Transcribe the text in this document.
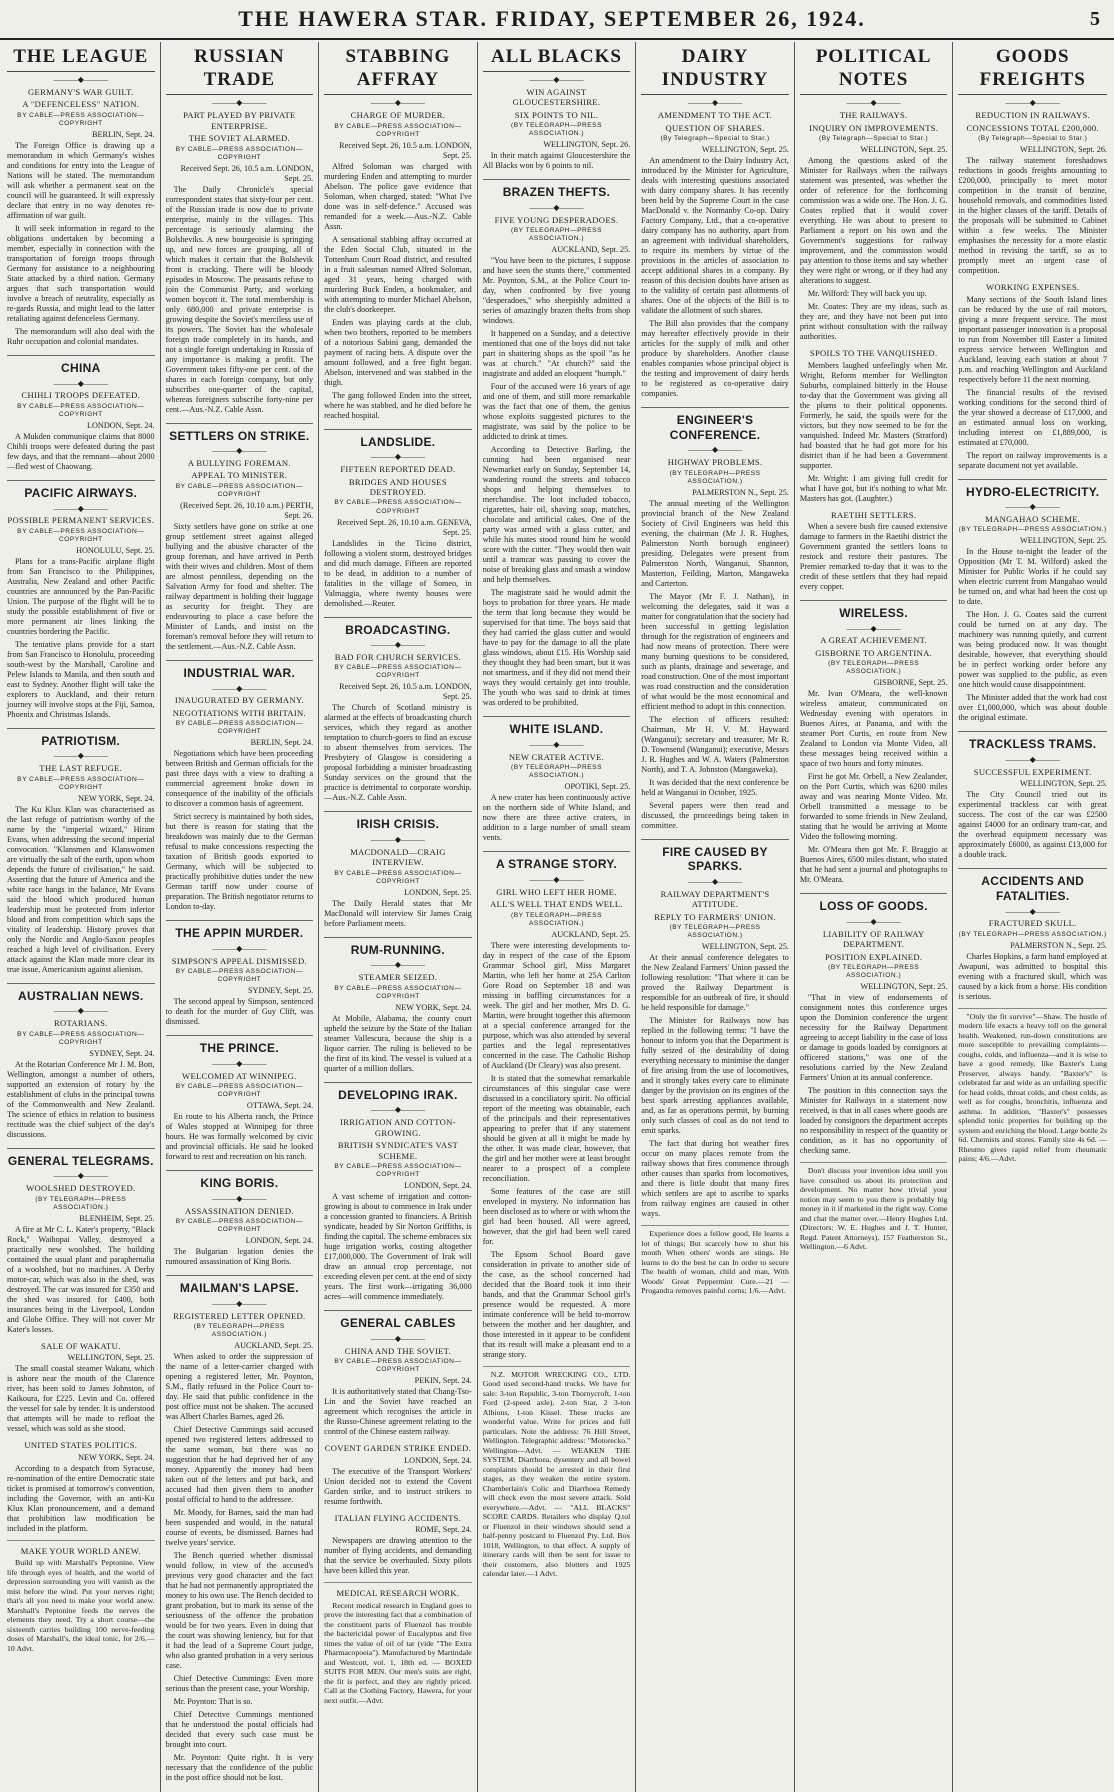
THE HAWERA STAR. FRIDAY, SEPTEMBER 26, 1924.	5
THE LEAGUE
———◆———
GERMANY'S WAR GUILT.
A "DEFENCELESS" NATION.
BY CABLE—PRESS ASSOCIATION—COPYRIGHT
BERLIN, Sept. 24.

The Foreign Office is drawing up a memorandum in which Germany's wishes and conditions for entry into the League of Nations will be stated. The memorandum will ask whether a permanent seat on the council will be guaranteed. It will expressly declare that entry in no way denotes re-affirmation of war guilt.

It will seek information in regard to the obligations undertaken by becoming a member, especially in connection with the transportation of foreign troops through Germany for assistance to a neighbouring State attacked by a third nation. Germany argues that such transportation would involve a breach of neutrality, especially as re-gards Russia, and might lead to the latter retaliating against defenceless Germany.

The memorandum will also deal with the Ruhr occupation and colonial mandates.

CHINA
———◆———
CHIHLI TROOPS DEFEATED.
BY CABLE—PRESS ASSOCIATION—COPYRIGHT
LONDON, Sept. 24.

A Mukden communique claims that 8000 Chihli troops were defeated during the past few days, and that the remnant—about 2000—fled west of Chaowang.

PACIFIC AIRWAYS.
———◆———
POSSIBLE PERMANENT SERVICES.
BY CABLE—PRESS ASSOCIATION—COPYRIGHT
HONOLULU, Sept. 25.

Plans for a trans-Pacific airplane flight from San Francisco to the Philippines, Australia, New Zealand and other Pacific countries are announced by the Pan-Pacific Union. The purpose of the flight will be to study the possible establishment of five or more permanent air lines linking the countries bordering the Pacific.

The tentative plans provide for a start from San Francisco to Honolulu, proceeding south-west by the Marshall, Caroline and Pelew Islands to Manila, and then south and east to Sydney. Another flight will take the explorers to Auckland, and their return journey will involve stops at the Fiji, Samoa, Phoenix and Christmas Islands.

PATRIOTISM.
———◆———
THE LAST REFUGE.
BY CABLE—PRESS ASSOCIATION—COPYRIGHT
NEW YORK, Sept. 24.

The Ku Klux Klan was characterised as the last refuge of patriotism worthy of the name by the "imperial wizard," Hiram Evans, when addressing the second imperial convocation. "Klansmen and Klanswomen are virtually the salt of the earth, upon whom depends the future of civilisation," he said. Asserting that the future of America and the white race hangs in the balance, Mr Evans said the blood which produced human leadership must be protected from inferior blood and from competition which saps the vitality of leadership. History proves that only the Nordic and Anglo-Saxon peoples reached a high level of civilisation. Every attack against the Klan made more clear its true issue, Americanism against alienism.

AUSTRALIAN NEWS.
———◆———
ROTARIANS.
BY CABLE—PRESS ASSOCIATION—COPYRIGHT
SYDNEY, Sept. 24.

At the Rotarian Conference Mr J. M. Bott, Wellington, amongst a number of others, supported an extension of rotary by the establishment of clubs in the principal towns of the Commonwealth and New Zealand. The science of ethics in relation to business rectitude was the chief subject of the day's discussions.

GENERAL TELEGRAMS.
———◆———
WOOLSHED DESTROYED.
(BY TELEGRAPH—PRESS ASSOCIATION.)
BLENHEIM, Sept. 25.

A fire at Mr C. L. Kater's property, "Black Rock," Waihopai Valley, destroyed a practically new woolshed. The building contained the usual plant and paraphernalia of a woolshed, but no machines. A Derby motor-car, which was also in the shed, was destroyed. The car was insured for £350 and the shed was insured for £400, both insurances being in the Liverpool, London and Globe Office. They will not cover Mr Kater's losses.

SALE OF WAKATU.
WELLINGTON, Sept. 25.

The small coastal steamer Wakatu, which is ashore near the mouth of the Clarence river, has been sold to James Johnston, of Kaikoura, for £225. Levin and Co. offered the vessel for sale by tender. It is understood that attempts will be made to refloat the vessel, which was sold as she stood.

UNITED STATES POLITICS.
NEW YORK, Sept. 24.

According to a despatch from Syracuse, re-nomination of the entire Democratic state ticket is promised at tomorrow's convention, including the Governor, with an anti-Ku Klux Klan pronouncement, and a demand that prohibition law modification be included in the platform.

MAKE YOUR WORLD ANEW.

Build up with Marshall's Peptonine. View life through eyes of health, and the world of depression surrounding you will vanish as the mist before the wind. Put your nerves right; that's all you need to make your world anew. Marshall's Peptonine feeds the nerves the elements they need. Try a short course—the sixteenth carries building 100 nerve-feeding doses of Marshall's, the ideal tonic, for 2/6.—10 Advt.

RUSSIAN TRADE
———◆———
PART PLAYED BY PRIVATE ENTERPRISE.
THE SOVIET ALARMED.
BY CABLE—PRESS ASSOCIATION—COPYRIGHT
Received Sept. 26, 10.5 a.m. LONDON, Sept. 25.

The Daily Chronicle's special correspondent states that sixty-four per cent. of the Russian trade is now due to private enterprise, mainly in the villages. This percentage is seriously alarming the Bolsheviks. A new bourgeoisie is springing up, and new forces are grouping, all of which makes it certain that the Bolshevik front is cracking. There will be bloody episodes in Moscow. The peasants refuse to join the Communist Party, and working women boycott it. The total membership is only 680,000 and private enterprise is growing despite the Soviet's merciless use of its powers. The Soviet has the wholesale foreign trade completely in its hands, and not a single foreign undertaking in Russia of any importance is making a profit. The Government takes fifty-one per cent. of the shares in each foreign company, but only subscribes one-quarter of the capital, whereas foreigners subscribe forty-nine per cent.—Aus.-N.Z. Cable Assn.

SETTLERS ON STRIKE.
———◆———
A BULLYING FOREMAN.
APPEAL TO MINISTER.
BY CABLE—PRESS ASSOCIATION—COPYRIGHT
(Received Sept. 26, 10.10 a.m.) PERTH, Sept. 26.

Sixty settlers have gone on strike at one group settlement street against alleged bullying and the abusive character of the group foreman, and have arrived in Perth with their wives and children. Most of them are almost penniless, depending on the Salvation Army for food and shelter. The railway department is holding their luggage as security for freight. They are endeavouring to place a case before the Minister of Lands, and insist on the foreman's removal before they will return to the settlement.—Aus.-N.Z. Cable Assn.

INDUSTRIAL WAR.
———◆———
INAUGURATED BY GERMANY.
NEGOTIATIONS WITH BRITAIN.
BY CABLE—PRESS ASSOCIATION—COPYRIGHT
BERLIN, Sept. 24.

Negotiations which have been proceeding between British and German officials for the past three days with a view to drafting a commercial agreement broke down in consequence of the inability of the officials to discover a common basis of agreement.

Strict secrecy is maintained by both sides, but there is reason for stating that the breakdown was mainly due to the German refusal to make concessions respecting the taxation of British goods exported to Germany, which will be subjected to practically prohibitive duties under the new German tariff now under course of preparation. The British negotiator returns to London to-day.

THE APPIN MURDER.
———◆———
SIMPSON'S APPEAL DISMISSED.
BY CABLE—PRESS ASSOCIATION—COPYRIGHT
SYDNEY, Sept. 25.

The second appeal by Simpson, sentenced to death for the murder of Guy Clift, was dismissed.

THE PRINCE.
———◆———
WELCOMED AT WINNIPEG.
BY CABLE—PRESS ASSOCIATION—COPYRIGHT
OTTAWA, Sept. 24.

En route to his Alberta ranch, the Prince of Wales stopped at Winnipeg for three hours. He was formally welcomed by civic and provincial officials. He said he looked forward to rest and recreation on his ranch.

KING BORIS.
———◆———
ASSASSINATION DENIED.
BY CABLE—PRESS ASSOCIATION—COPYRIGHT
LONDON, Sept. 24.

The Bulgarian legation denies the rumoured assassination of King Boris.

MAILMAN'S LAPSE.
———◆———
REGISTERED LETTER OPENED.
(BY TELEGRAPH—PRESS ASSOCIATION.)
AUCKLAND, Sept. 25.

When asked to order the suppression of the name of a letter-carrier charged with opening a registered letter, Mr. Poynton, S.M., flatly refused in the Police Court to-day. He said that public confidence in the post office must not be shaken. The accused was Albert Charles Barnes, aged 26.

Chief Detective Cummings said accused opened two registered letters addressed to the same woman, but there was no suggestion that he had deprived her of any money. Apparently the money had been taken out of the letters and put back, and accused had then given them to another postal official to hand to the addressee.

Mr. Moody, for Barnes, said the man had been suspended and would, in the natural course of events, be dismissed. Barnes had twelve years' service.

The Bench queried whether dismissal would follow, in view of the accused's previous very good character and the fact that he had not permanently appropriated the money to his own use. The Bench decided to grant probation, but to mark its sense of the seriousness of the offence the probation would be for two years. Even in doing that the court was showing leniency, but for that it had the lead of a Supreme Court judge, who also granted probation in a very serious case.

Chief Detective Cummings: Even more serious than the present case, your Worship.

Mr. Poynton: That is so.

Chief Detective Cummings mentioned that he understood the postal officials had decided that every such case must be brought into court.

Mr. Poynton: Quite right. It is very necessary that the confidence of the public in the post office should not be lost.

STABBING AFFRAY
———◆———
CHARGE OF MURDER.
BY CABLE—PRESS ASSOCIATION—COPYRIGHT
Received Sept. 26, 10.5 a.m. LONDON, Sept. 25.

Alfred Soloman was charged with murdering Enden and attempting to murder Abelson. The police gave evidence that Soloman, when charged, stated: "What I've done was in self-defence." Accused was remanded for a week.—Aus.-N.Z. Cable Assn.

A sensational stabbing affray occurred at the Eden Social Club, situated in the Tottenham Court Road district, and resulted in a fruit salesman named Alfred Soloman, aged 31 years, being charged with murdering Buck Enden, a bookmaker, and with attempting to murder Michael Abelson, the club's doorkeeper.

Enden was playing cards at the club, when two brothers, reported to be members of a notorious Sabini gang, demanded the payment of racing bets. A dispute over the amount followed, and a free fight began. Abelson, intervened and was stabbed in the thigh.

The gang followed Enden into the street, where he was stabbed, and he died before he reached hospital.

LANDSLIDE.
———◆———
FIFTEEN REPORTED DEAD.
BRIDGES AND HOUSES DESTROYED.
BY CABLE—PRESS ASSOCIATION—COPYRIGHT
Received Sept. 26, 10.10 a.m. GENEVA, Sept. 25.

Landslides in the Ticino district, following a violent storm, destroyed bridges and did much damage. Fifteen are reported to be dead, in addition to a number of fatalities in the village of Someo, in Valmaggia, where twenty houses were demolished.—Reuter.

BROADCASTING.
———◆———
BAD FOR CHURCH SERVICES.
BY CABLE—PRESS ASSOCIATION—COPYRIGHT
Received Sept. 26, 10.5 a.m. LONDON, Sept. 25.

The Church of Scotland ministry is alarmed at the effects of broadcasting church services, which they regard as another temptation to church-goers to find an excuse to absent themselves from services. The Presbytery of Glasgow is considering a proposal forbidding a minister broadcasting Sunday services on the ground that the practice is detrimental to corporate worship.—Aus.-N.Z. Cable Assn.

IRISH CRISIS.
———◆———
MACDONALD—CRAIG INTERVIEW.
BY CABLE—PRESS ASSOCIATION—COPYRIGHT
LONDON, Sept. 25.

The Daily Herald states that Mr MacDonald will interview Sir James Craig before Parliament meets.

RUM-RUNNING.
———◆———
STEAMER SEIZED.
BY CABLE—PRESS ASSOCIATION—COPYRIGHT
NEW YORK, Sept. 24.

At Mobile, Alabama, the county court upheld the seizure by the State of the Italian steamer Vallescura, because the ship is a liquor carrier. The ruling is believed to be the first of its kind. The vessel is valued at a quarter of a million dollars.

DEVELOPING IRAK.
———◆———
IRRIGATION AND COTTON-GROWING.
BRITISH SYNDICATE'S VAST SCHEME.
BY CABLE—PRESS ASSOCIATION—COPYRIGHT
LONDON, Sept. 24.

A vast scheme of irrigation and cotton-growing is about to commence in Irak under a concession granted to financiers. A British syndicate, headed by Sir Norton Griffiths, is finding the capital. The scheme embraces six huge irrigation works, costing altogether £17,000,000. The Government of Irak will draw an annual crop percentage, not exceeding eleven per cent. at the end of sixty years. The first work—irrigating 36,000 acres—will commence immediately.

GENERAL CABLES
———◆———
CHINA AND THE SOVIET.
BY CABLE—PRESS ASSOCIATION—COPYRIGHT
PEKIN, Sept. 24.

It is authoritatively stated that Chang-Tso-Lin and the Soviet have reached an agreement which recognises the article in the Russo-Chinese agreement relating to the control of the Chinese eastern railway.

COVENT GARDEN STRIKE ENDED.
LONDON, Sept. 24.

The executive of the Transport Workers' Union decided not to extend the Covent Garden strike, and to instruct strikers to resume forthwith.

ITALIAN FLYING ACCIDENTS.
ROME, Sept. 24.

Newspapers are drawing attention to the number of flying accidents, and demanding that the service be overhauled. Sixty pilots have been killed this year.

MEDICAL RESEARCH WORK.

Recent medical research in England goes to prove the interesting fact that a combination of the constituent parts of Fluenzol has trouble the bactericidal power of Eucalyptus and five times the value of oil of tar (vide "The Extra Pharmacopoeia"). Manufactured by Martindale and Westcott, vol. 1, 18th ed. — BOXED SUITS FOR MEN. Our men's suits are right, the fit is perfect, and they are rightly priced. Call at the Clothing Factory, Hawera, for your next outfit.—Advt.

ALL BLACKS
———◆———
WIN AGAINST GLOUCESTERSHIRE.
SIX POINTS TO NIL.
(BY TELEGRAPH—PRESS ASSOCIATION.)
WELLINGTON, Sept. 26.

In their match against Gloucestershire the All Blacks won by 6 points to nil.

BRAZEN THEFTS.
———◆———
FIVE YOUNG DESPERADOES.
(BY TELEGRAPH—PRESS ASSOCIATION.)
AUCKLAND, Sept. 25.

"You have been to the pictures, I suppose and have seen the stunts there," commented Mr. Poynton, S.M., at the Police Court to-day, when confronted by five young "desperadoes," who sheepishly admitted a series of amazingly brazen thefts from shop windows.

It happened on a Sunday, and a detective mentioned that one of the boys did not take part in shattering shops as the spoil "as he was at church." "At church?" said the magistrate and added an eloquent "humph."

Four of the accused were 16 years of age and one of them, and still more remarkable was the fact that one of them, the genius whose exploits suggested pictures to the magistrate, was said by the police to be addicted to drink at times.

According to Detective Barling, the cunning had been organised near Newmarket early on Sunday, September 14, wandering round the streets and tobacco shops and helping themselves to merchandise. The loot included tobacco, cigarettes, hair oil, shaving soap, matches, chocolate and artificial cakes. One of the party was armed with a glass cutter, and while his mates stood round him he would score with the cutter. "They would then wait until a tramcar was passing to cover the noise of breaking glass and smash a window and help themselves.

The magistrate said he would admit the boys to probation for three years. He made the term that long because they would be supervised for that time. The boys said that they had carried the glass cutter and would have to pay for the damage to all the plate glass windows, about £15. His Worship said they thought they had been smart, but it was not smartness, and if they did not mend their ways they would certainly get into trouble. The youth who was said to drink at times was ordered to be prohibited.

WHITE ISLAND.
———◆———
NEW CRATER ACTIVE.
(BY TELEGRAPH—PRESS ASSOCIATION.)
OPOTIKI, Sept. 25.

A new crater has been continuously active on the northern side of White Island, and now there are three active craters, in addition to a large number of small steam vents.

A STRANGE STORY.
———◆———
GIRL WHO LEFT HER HOME.
ALL'S WELL THAT ENDS WELL.
(BY TELEGRAPH—PRESS ASSOCIATION.)
AUCKLAND, Sept. 25.

There were interesting developments to-day in respect of the case of the Epsom Grammar School girl, Miss Margaret Martin, who left her home at 25A Carlton Gore Road on September 18 and was missing in baffling circumstances for a week. The girl and her mother, Mrs D. G. Martin, were brought together this afternoon at a special conference arranged for the purpose, which was also attended by several parties and the legal representatives concerned in the case. The Catholic Bishop of Auckland (Dr Cleary) was also present.

It is stated that the somewhat remarkable circumstances of this singular case were discussed in a conciliatory spirit. No official report of the meeting was obtainable, each of the principals and their representatives appearing to prefer that if any statement should be given at all it might be made by the other. It was made clear, however, that the girl and her mother were at least brought nearer to a prospect of a complete reconciliation.

Some features of the case are still enveloped in mystery. No information has been disclosed as to where or with whom the girl had been housed. All were agreed, however, that the girl had been well cared for.

The Epsom School Board gave consideration in private to another side of the case, as the school concerned had decided that the Board took it into their hands, and that the Grammar School girl's presence would be requested. A more intimate conference will be held to-morrow between the mother and her daughter, and those interested in it appear to be confident that its result will make a pleasant end to a strange story.

N.Z. MOTOR WRECKING CO., LTD. Good used second-hand trucks. We have for sale: 3-ton Republic, 3-ton Thornycroft, 1-ton Ford (2-speed axle), 2-ton Star, 2 3-ton Albions, 1-ton Kissel. These trucks are wonderful value. Write for prices and full particulars. Note the address: 76 Hill Street, Wellington. Telegraphic address: "Motorecko." Wellington—Advt. — WEAKEN THE SYSTEM. Diarrhoea, dysentery and all bowel complaints should be arrested in their first stages, as they weaken the entire system. Chamberlain's Colic and Diarrhoea Remedy will check even the most severe attack. Sold everywhere.—Advt. — "ALL BLACKS" SCORE CARDS. Retailers who display Q.tol or Fluenzol in their windows should send a half-penny postcard to Fluenzol Pty. Ltd. Box 1018, Wellington, to that effect. A supply of itinerary cards will then be sent for issue to their customers, also blotters and 1925 calendar later.—1 Advt.

DAIRY INDUSTRY
———◆———
AMENDMENT TO THE ACT.
QUESTION OF SHARES.
(By Telegraph—Special to Star.)
WELLINGTON, Sept. 25.

An amendment to the Dairy Industry Act, introduced by the Minister for Agriculture, deals with interesting questions associated with dairy company shares. It has recently been held by the Supreme Court in the case MacDonald v. the Normanby Co-op. Dairy Factory Company, Ltd., that a co-operative dairy company has no authority, apart from an agreement with individual shareholders, to require its members by virtue of the provisions in the articles of association to accept additional shares in a company. By reason of this decision doubts have arisen as to the validity of certain past allotments of shares. One of the objects of the Bill is to validate the allotment of such shares.

The Bill also provides that the company may hereafter effectively provide in their articles for the supply of milk and other produce by shareholders. Another clause enables companies whose principal object is the testing and improvement of dairy herds to be registered as co-operative dairy companies.

ENGINEER'S CONFERENCE.
———◆———
HIGHWAY PROBLEMS.
(BY TELEGRAPH—PRESS ASSOCIATION.)
PALMERSTON N., Sept. 25.

The annual meeting of the Wellington provincial branch of the New Zealand Society of Civil Engineers was held this evening, the chairman (Mr J. R. Hughes, Palmerston North borough engineer) presiding. Delegates were present from Palmerston North, Wanganui, Shannon, Masterton, Feilding, Marton, Mangaweka and Carterton.

The Mayor (Mr F. J. Nathan), in welcoming the delegates, said it was a matter for congratulation that the society had been successful in getting legislation through for the registration of engineers and had now means of protection. There were many burning questions to be considered, such as plants, drainage and sewerage, and road construction. One of the most important was road construction and the consideration of what would be the most economical and efficient method to adopt in this connection.

The election of officers resulted: Chairman, Mr H. V. M. Hayward (Wanganui); secretary and treasurer, Mr R. D. Townsend (Wanganui); executive, Messrs J. R. Hughes and W. A. Waters (Palmerston North), and T. A. Johnston (Mangaweka).

It was decided that the next conference be held at Wanganui in October, 1925.

Several papers were then read and discussed, the proceedings being taken in committee.

FIRE CAUSED BY SPARKS.
———◆———
RAILWAY DEPARTMENT'S ATTITUDE.
REPLY TO FARMERS' UNION.
(BY TELEGRAPH—PRESS ASSOCIATION.)
WELLINGTON, Sept. 25.

At their annual conference delegates to the New Zealand Farmers' Union passed the following resolution: "That where it can be proved the Railway Department is responsible for an outbreak of fire, it should be held responsible for damage."

The Minister for Railways now has replied in the following terms: "I have the honour to inform you that the Department is fully seized of the desirability of doing everything necessary to minimise the danger of fire arising from the use of locomotives, and it strongly takes every care to eliminate danger by the provision on its engines of the best spark arresting appliances available, and, as far as operations permit, by burning only such classes of coal as do not tend to emit sparks.

The fact that during hot weather fires occur on many places remote from the railway shows that fires commence through other causes than sparks from locomotives, and there is little doubt that many fires which settlers are apt to ascribe to sparks from railway engines are caused in other ways.

Experience does a fellow good, He learns a lot of things; But scarcely how to shut his mouth When others' words are stings. He learns to do the best he can In order to secure The health of woman, child and man, With Woods' Great Peppermint Cure.—21 — Progandra removes painful corns; 1/6.—Advt.

POLITICAL NOTES
———◆———
THE RAILWAYS.
INQUIRY ON IMPROVEMENTS.
(By Telegraph—Special to Star.)
WELLINGTON, Sept. 25.

Among the questions asked of the Minister for Railways when the railways statement was presented, was whether the order of reference for the forthcoming commission was a wide one. The Hon. J. G. Coates replied that it would cover everything. He was about to present to Parliament a report on his own and the Government's suggestions for railway improvement, and the commission would pay attention to those items and say whether they were right or wrong, or if they had any alterations to suggest.

Mr. Wilford: They will back you up.

Mr. Coates: They are my ideas, such as they are, and they have not been put into print without consultation with the railway authorities.

SPOILS TO THE VANQUISHED.

Members laughed unfeelingly when Mr. Wright, Reform member for Wellington Suburbs, complained bitterly in the House to-day that the Government was giving all the plums to their political opponents. Formerly, he said, the spoils were for the victors, but they now seemed to be for the vanquished. Indeed Mr. Masters (Stratford) had boasted that he had got more for his district than if he had been a Government supporter.

Mr. Wright: I am giving full credit for what I have got, but it's nothing to what Mr. Masters has got. (Laughter.)

RAETIHI SETTLERS.

When a severe bush fire caused extensive damage to farmers in the Raetihi district the Government granted the settlers loans to restock and restore their pastures. The Premier remarked to-day that it was to the credit of these settlers that they had repaid every copper.

WIRELESS.
———◆———
A GREAT ACHIEVEMENT.
GISBORNE TO ARGENTINA.
(BY TELEGRAPH—PRESS ASSOCIATION.)
GISBORNE, Sept. 25.

Mr. Ivan O'Meara, the well-known wireless amateur, communicated on Wednesday evening with operators in Buenos Aires, at Panama, and with the steamer Port Curtis, en route from New Zealand to London via Monte Video, all these messages being received within a space of two hours and forty minutes.

First he got Mr. Orbell, a New Zealander, on the Port Curtis, which was 6200 miles away and was nearing Monte Video. Mr. Orbell transmitted a message to be forwarded to some friends in New Zealand, stating that he would be arriving at Monte Video the following morning.

Mr. O'Meara then got Mr. F. Braggio at Buenos Aires, 6500 miles distant, who stated that he had sent a journal and photographs to Mr. O'Meara.

LOSS OF GOODS.
———◆———
LIABILITY OF RAILWAY DEPARTMENT.
POSITION EXPLAINED.
(BY TELEGRAPH—PRESS ASSOCIATION.)
WELLINGTON, Sept. 25.

"That in view of endorsements of consignment notes this conference urges upon the Dominion conference the urgent necessity for the Railway Department agreeing to accept liability in the case of loss or damage to goods loaded by consignors at officered stations," was one of the resolutions carried by the New Zealand Farmers' Union at its annual conference.

The position in this connection says the Minister for Railways in a statement now received, is that in all cases where goods are loaded by consignors the department accepts no responsibility in respect of the quantity or condition, as it has no opportunity of checking same.

Don't discuss your invention idea until you have consulted us about its protection and development. No matter how trivial your notion may seem to you there is probably big money in it if marketed in the right way. Come and chat the matter over.—Henry Hughes Ltd. (Directors: W. E. Hughes and J. T. Hunter, Regd. Patent Attorneys), 157 Featherston St., Wellington.—6 Advt.

GOODS FREIGHTS
———◆———
REDUCTION IN RAILWAYS.
CONCESSIONS TOTAL £200,000.
(By Telegraph—Special to Star.)
WELLINGTON, Sept. 26.

The railway statement foreshadows reductions in goods freights amounting to £200,000, principally to meet motor competition in the transit of benzine, household removals, and commodities listed in the higher classes of the tariff. Details of the proposals will be submitted to Cabinet within a few weeks. The Minister emphasises the necessity for a more elastic method in revising the tariff, so as to promptly meet an urgent case of competition.

WORKING EXPENSES.

Many sections of the South Island lines can be reduced by the use of rail motors, giving a more frequent service. The most important passenger innovation is a proposal to run from November till Easter a limited express service between Wellington and Auckland, leaving each station at about 7 p.m. and reaching Wellington and Auckland respectively before 11 the next morning.

The financial results of the revised working conditions for the second third of the year showed a decrease of £17,000, and an estimated annual loss on working, including interest on £1,889,000, is estimated at £70,000.

The report on railway improvements is a separate document not yet available.

HYDRO-ELECTRICITY.
———◆———
MANGAHAO SCHEME.
(BY TELEGRAPH—PRESS ASSOCIATION.)
WELLINGTON, Sept. 25.

In the House to-night the leader of the Opposition (Mr T. M. Wilford) asked the Minister for Public Works if he could say when electric current from Mangahao would be turned on, and what had been the cost up to date.

The Hon. J. G. Coates said the current could be turned on at any day. The machinery was running quietly, and current was being produced now. It was thought desirable, however, that everything should be in perfect working order before any power was supplied to the public, as even one hitch would cause disappointment.

The Minister added that the work had cost over £1,000,000, which was about double the original estimate.

TRACKLESS TRAMS.
———◆———
SUCCESSFUL EXPERIMENT.
WELLINGTON, Sept. 25.

The City Council tried out its experimental trackless car with great success. The cost of the car was £2500 against £4000 for an ordinary tram-car, and the overhead equipment necessary was approximately £6000, as against £13,000 for a double track.

ACCIDENTS AND FATALITIES.
———◆———
FRACTURED SKULL.
(BY TELEGRAPH—PRESS ASSOCIATION.)
PALMERSTON N., Sept. 25.

Charles Hopkins, a farm hand employed at Awapuni, was admitted to hospital this evening with a fractured skull, which was caused by a kick from a horse. His condition is serious.

"Only the fit survive"—Shaw. The hustle of modern life exacts a heavy toll on the general health. Weakened, run-down constitutions are more susceptible to prevailing complaints—coughs, colds, and influenza—and it is wise to have a good remedy, like Baxter's Lung Preserver, always handy. "Baxter's" is celebrated far and wide as an unfailing specific for head colds, throat colds, and chest colds, as well as for coughs, bronchitis, influenza and asthma. In addition, "Baxter's" possesses splendid tonic properties for building up the system and enriching the blood. Large bottle 2s 6d. Chemists and stores. Family size 4s 6d. — Rheumo gives rapid relief from rheumatic pains; 4/6.—Advt.
